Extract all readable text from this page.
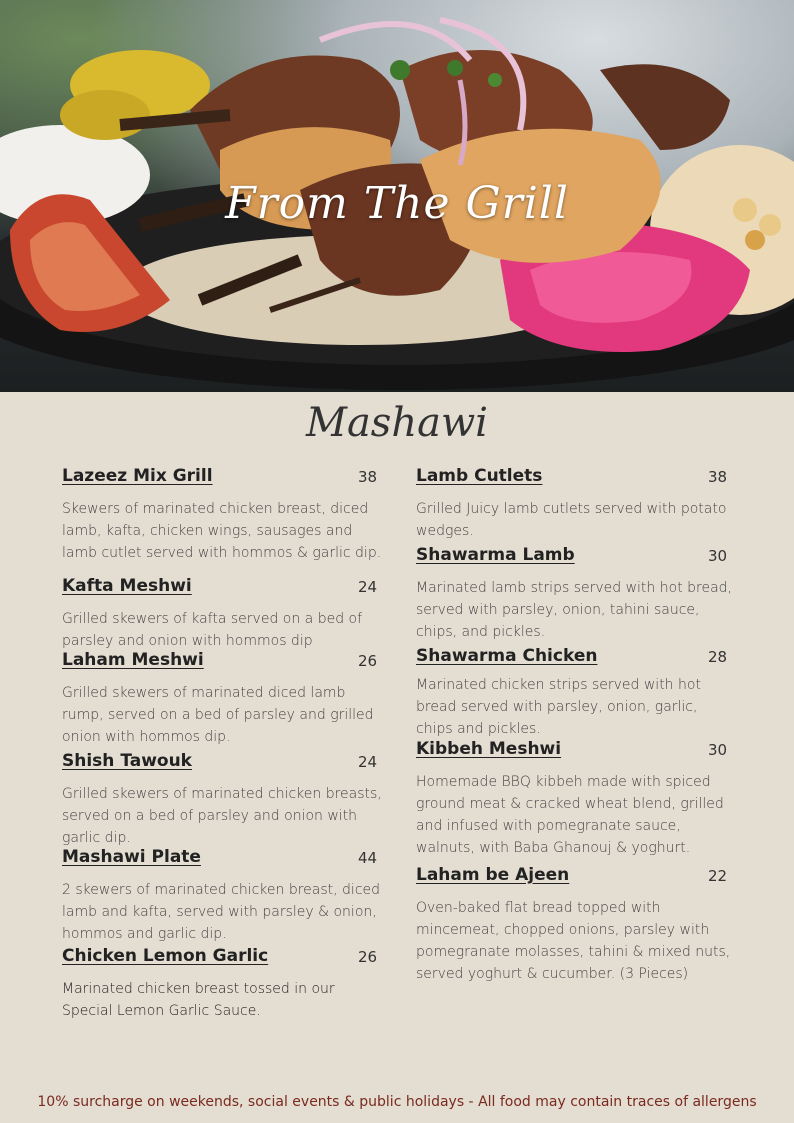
From The Grill
Mashawi
Lazeez Mix Grill	38

Skewers of marinated chicken breast, diced lamb, kafta, chicken wings, sausages and lamb cutlet served with hommos & garlic dip.

Kafta Meshwi	24

Grilled skewers of kafta served on a bed of parsley and onion with hommos dip

Laham Meshwi	26

Grilled skewers of marinated diced lamb rump, served on a bed of parsley and grilled onion with hommos dip.

Shish Tawouk	24

Grilled skewers of marinated chicken breasts, served on a bed of parsley and onion with garlic dip.

Mashawi Plate	44

2 skewers of marinated chicken breast, diced lamb and kafta, served with parsley & onion, hommos and garlic dip.

Chicken Lemon Garlic	26

Marinated chicken breast tossed in our Special Lemon Garlic Sauce.

Lamb Cutlets	38

Grilled Juicy lamb cutlets served with potato wedges.

Shawarma Lamb	30

Marinated lamb strips served with hot bread, served with parsley, onion, tahini sauce, chips, and pickles.

Shawarma Chicken	28

Marinated chicken strips served with hot bread served with parsley, onion, garlic, chips and pickles.

Kibbeh Meshwi	30

Homemade BBQ kibbeh made with spiced ground meat & cracked wheat blend, grilled and infused with pomegranate sauce, walnuts, with Baba Ghanouj & yoghurt.

Laham be Ajeen	22

Oven-baked flat bread topped with mincemeat, chopped onions, parsley with pomegranate molasses, tahini & mixed nuts, served yoghurt & cucumber. (3 Pieces)

10% surcharge on weekends, social events & public holidays - All food may contain traces of allergens
